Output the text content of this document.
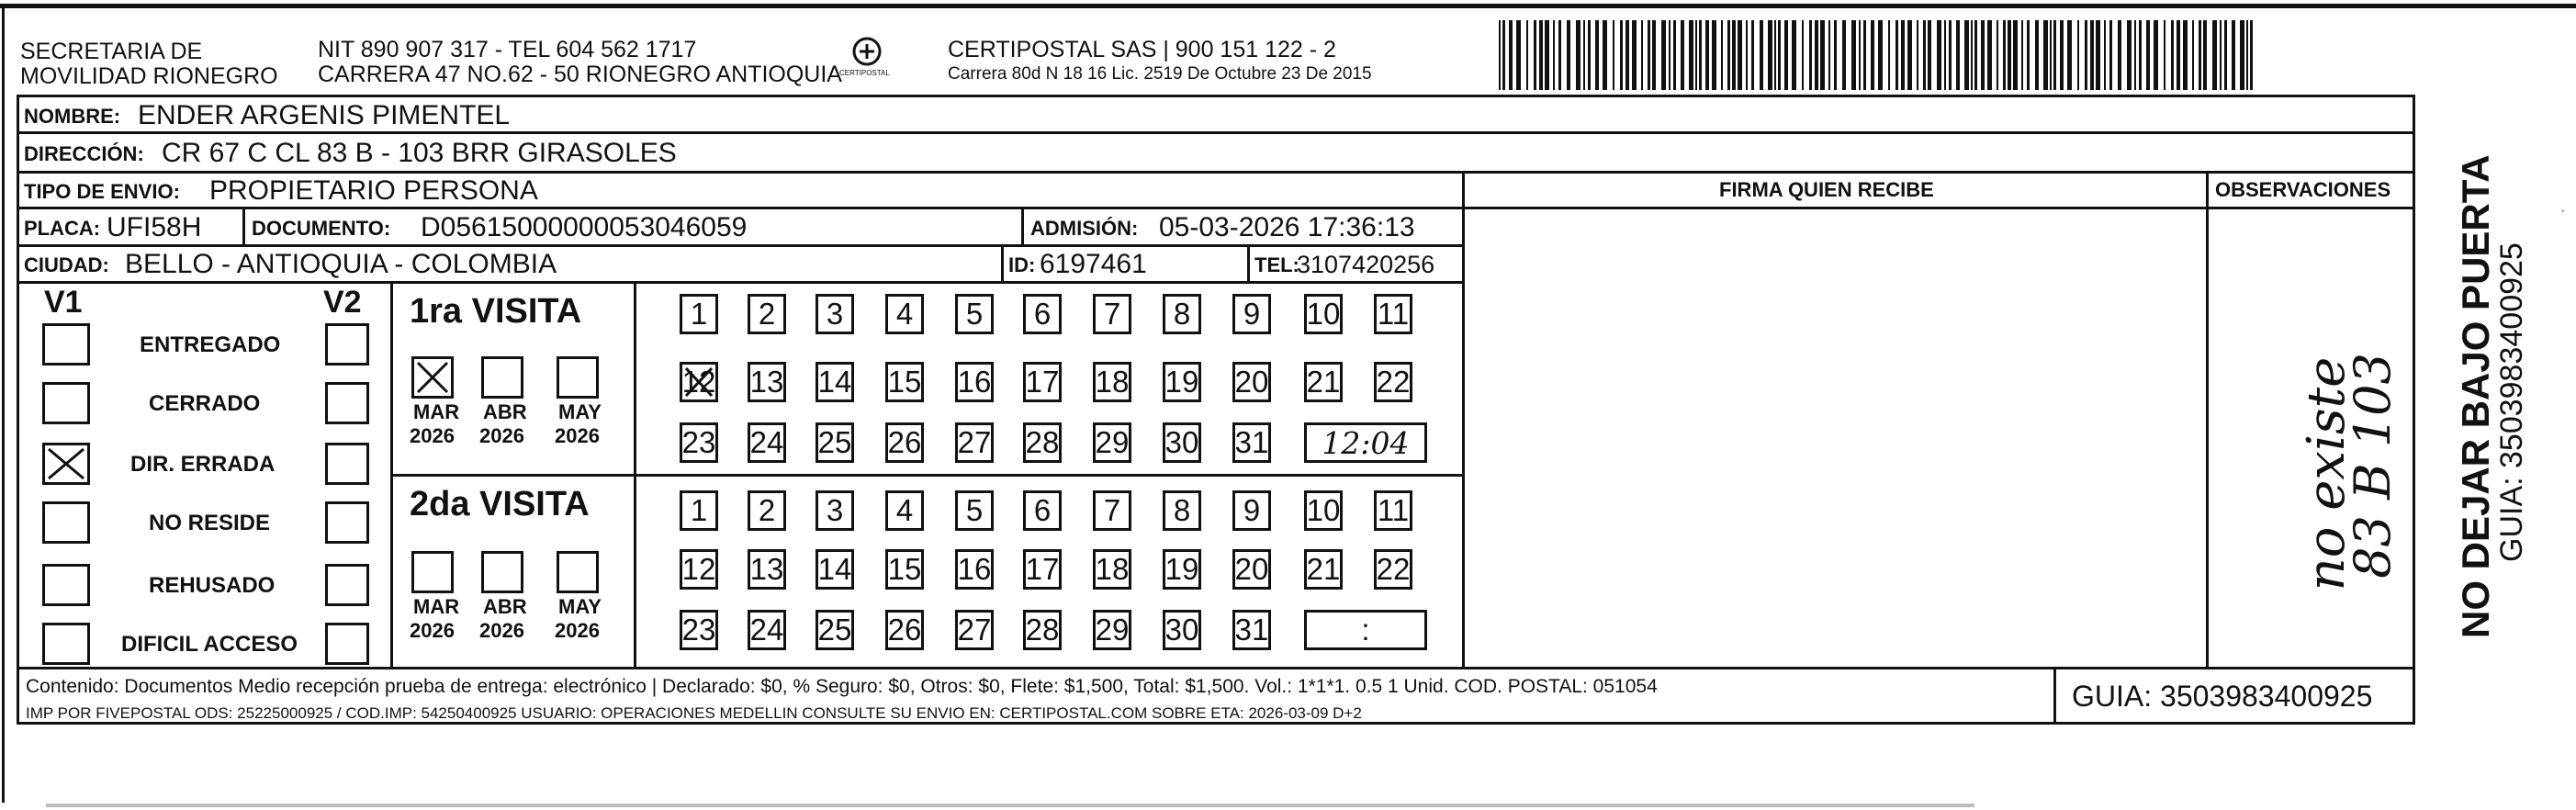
SECRETARIA DE
MOVILIDAD RIONEGRO
NIT 890 907 317 - TEL 604 562 1717
CARRERA 47 NO.62 - 50 RIONEGRO ANTIOQUIA
CERTIPOSTAL
CERTIPOSTAL SAS | 900 151 122 - 2
Carrera 80d N 18 16 Lic. 2519 De Octubre 23 De 2015
NOMBRE: ENDER ARGENIS PIMENTEL
DIRECCIÓN: CR 67 C CL 83 B - 103 BRR GIRASOLES
TIPO DE ENVIO: PROPIETARIO PERSONA	FIRMA QUIEN RECIBE	OBSERVACIONES
PLACA: UFI58H DOCUMENTO: D05615000000053046059	ADMISIÓN: 05-03-2026 17:36:13
CIUDAD: BELLO - ANTIOQUIA - COLOMBIA	ID: 6197461	TEL:
3107420256
V1	V2
ENTREGADO
CERRADO
DIR. ERRADA
NO RESIDE
REHUSADO
DIFICIL ACCESO
1ra VISITA
MAR
2026
ABR
2026
MAY
2026
1 2 3 4 5 6 7 8 9 10 11
12 13 14 15 16 17 18 19 20 21 22
23 24 25 26 27 28 29 30 31 12:04
2da VISITA
MAR
2026
ABR
2026
MAY
2026
1 2 3 4 5 6 7 8 9 10 11
12 13 14 15 16 17 18 19 20 21 22
23 24 25 26 27 28 29 30 31	:
no existe
83 B 103
Contenido: Documentos Medio recepción prueba de entrega: electrónico | Declarado: $0, % Seguro: $0, Otros: $0, Flete: $1,500, Total: $1,500. Vol.: 1*1*1. 0.5 1 Unid. COD. POSTAL: 051054
IMP POR FIVEPOSTAL ODS: 25225000925 / COD.IMP: 54250400925 USUARIO: OPERACIONES MEDELLIN CONSULTE SU ENVIO EN: CERTIPOSTAL.COM SOBRE ETA: 2026-03-09 D+2
GUIA: 3503983400925
NO DEJAR BAJO PUERTA
GUIA: 3503983400925
·
